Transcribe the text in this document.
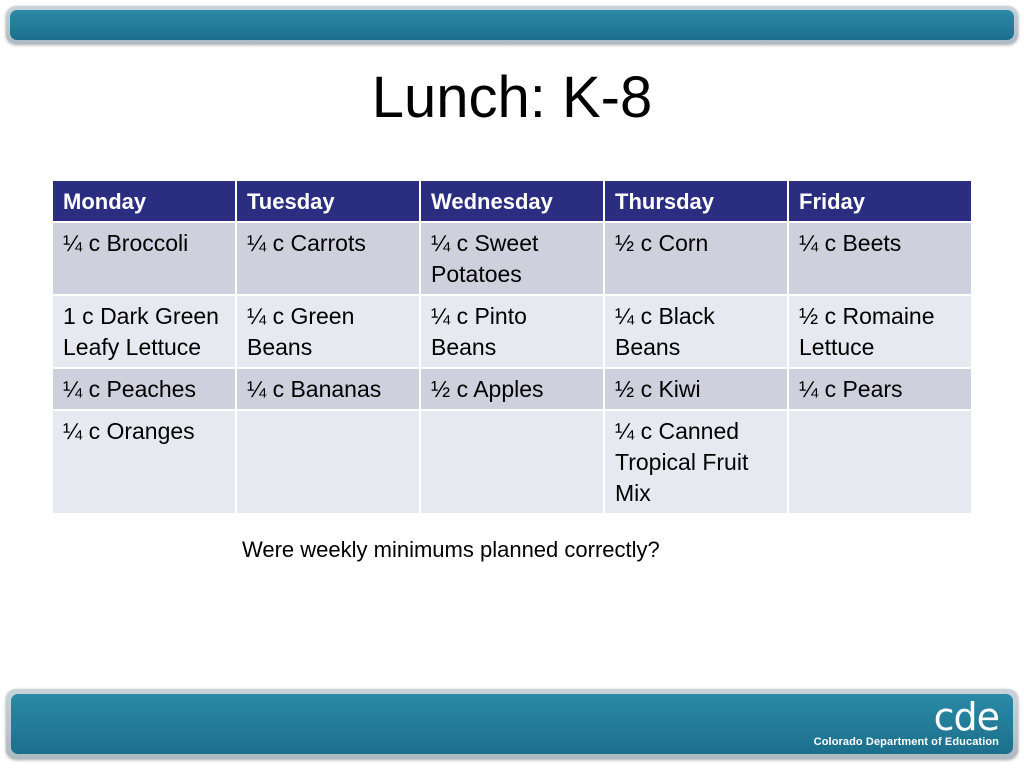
Lunch: K-8
Monday	Tuesday	Wednesday	Thursday	Friday
¼ c Broccoli	¼ c Carrots	¼ c Sweet Potatoes	½ c Corn	¼ c Beets
1 c Dark Green Leafy Lettuce	¼ c Green Beans	¼ c Pinto Beans	¼ c Black Beans	½ c Romaine Lettuce
¼ c Peaches	¼ c Bananas	½ c Apples	½ c Kiwi	¼ c Pears
¼ c Oranges			¼ c Canned Tropical Fruit Mix	
Were weekly minimums planned correctly?
cde
Colorado Department of Education
